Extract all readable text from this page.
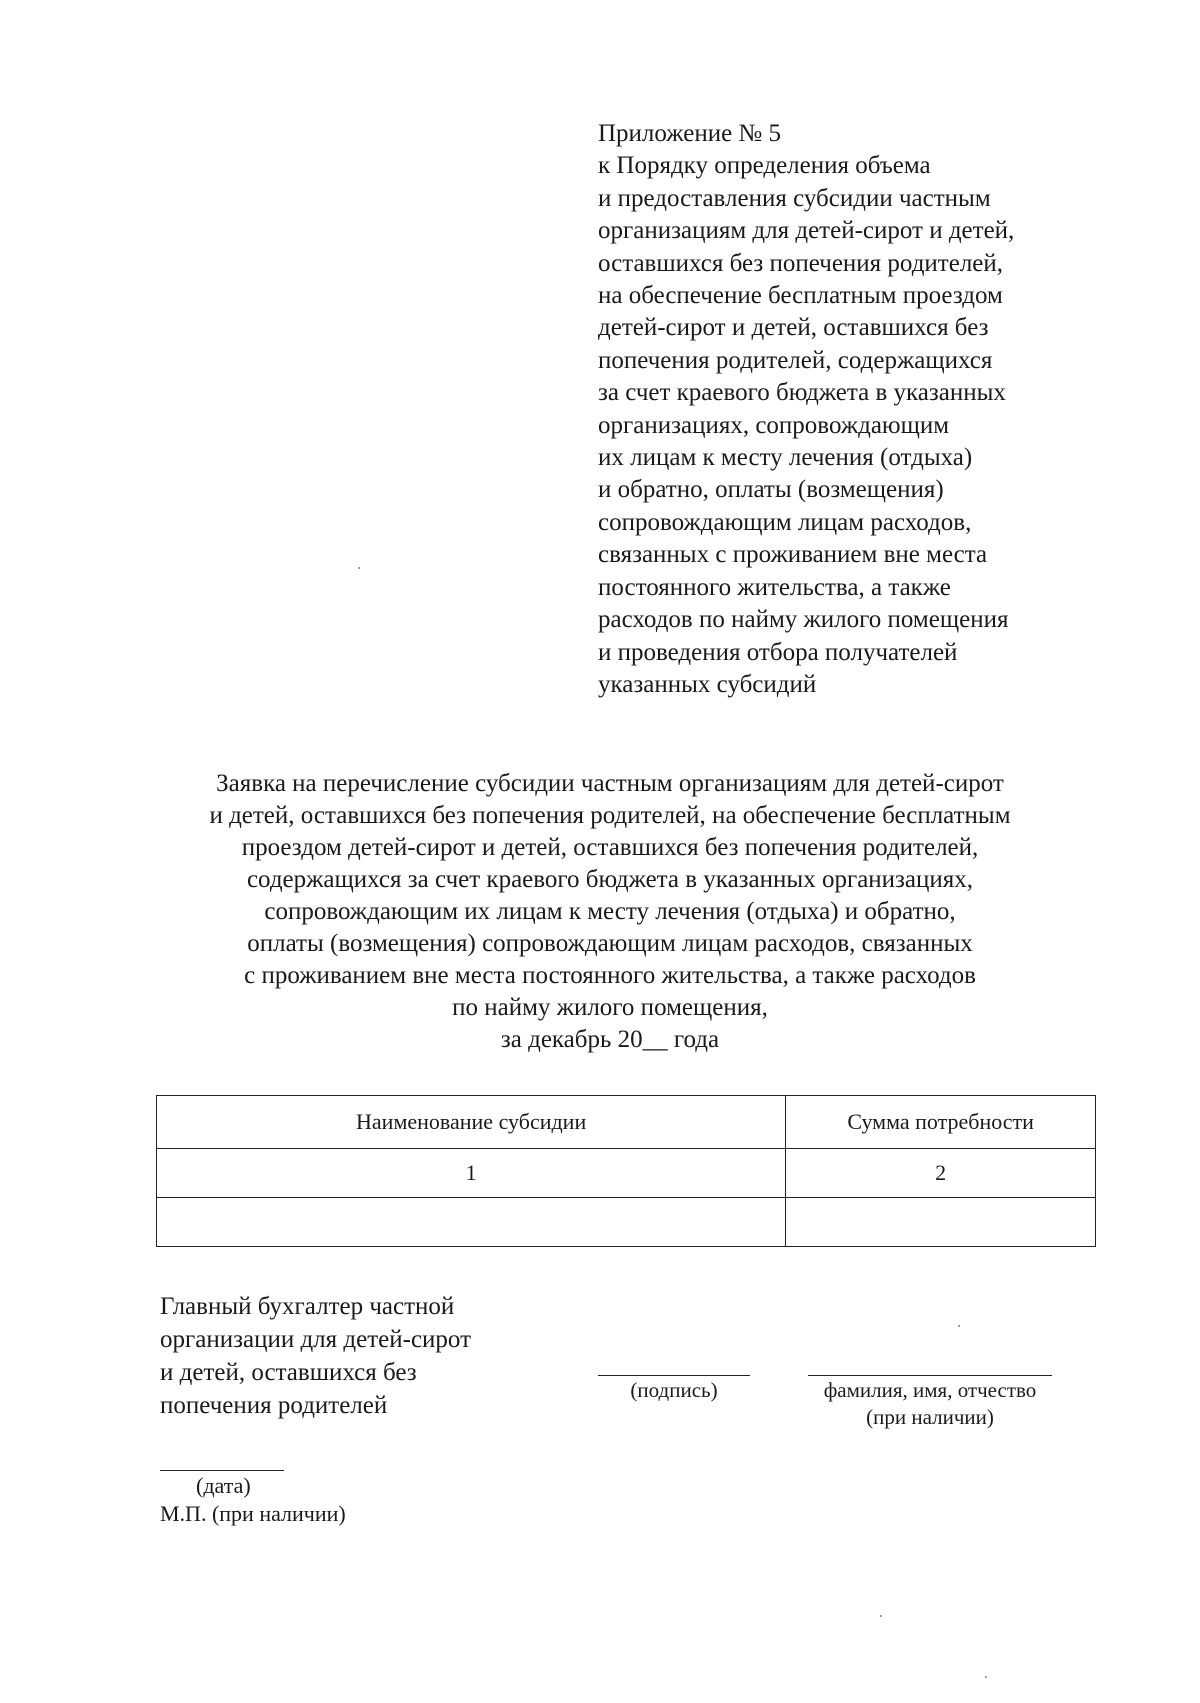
Приложение № 5
к Порядку определения объема
и предоставления субсидии частным
организациям для детей-сирот и детей,
оставшихся без попечения родителей,
на обеспечение бесплатным проездом
детей-сирот и детей, оставшихся без
попечения родителей, содержащихся
за счет краевого бюджета в указанных
организациях, сопровождающим
их лицам к месту лечения (отдыха)
и обратно, оплаты (возмещения)
сопровождающим лицам расходов,
связанных с проживанием вне места
постоянного жительства, а также
расходов по найму жилого помещения
и проведения отбора получателей
указанных субсидий
Заявка на перечисление субсидии частным организациям для детей-сирот
и детей, оставшихся без попечения родителей, на обеспечение бесплатным
проездом детей-сирот и детей, оставшихся без попечения родителей,
содержащихся за счет краевого бюджета в указанных организациях,
сопровождающим их лицам к месту лечения (отдыха) и обратно,
оплаты (возмещения) сопровождающим лицам расходов, связанных
с проживанием вне места постоянного жительства, а также расходов
по найму жилого помещения,
за декабрь 20__ года
Наименование субсидии	Сумма потребности
1	2

Главный бухгалтер частной
организации для детей-сирот
и детей, оставшихся без
попечения родителей
(подпись)	фамилия, имя, отчество
(при наличии)
(дата)
М.П. (при наличии)
